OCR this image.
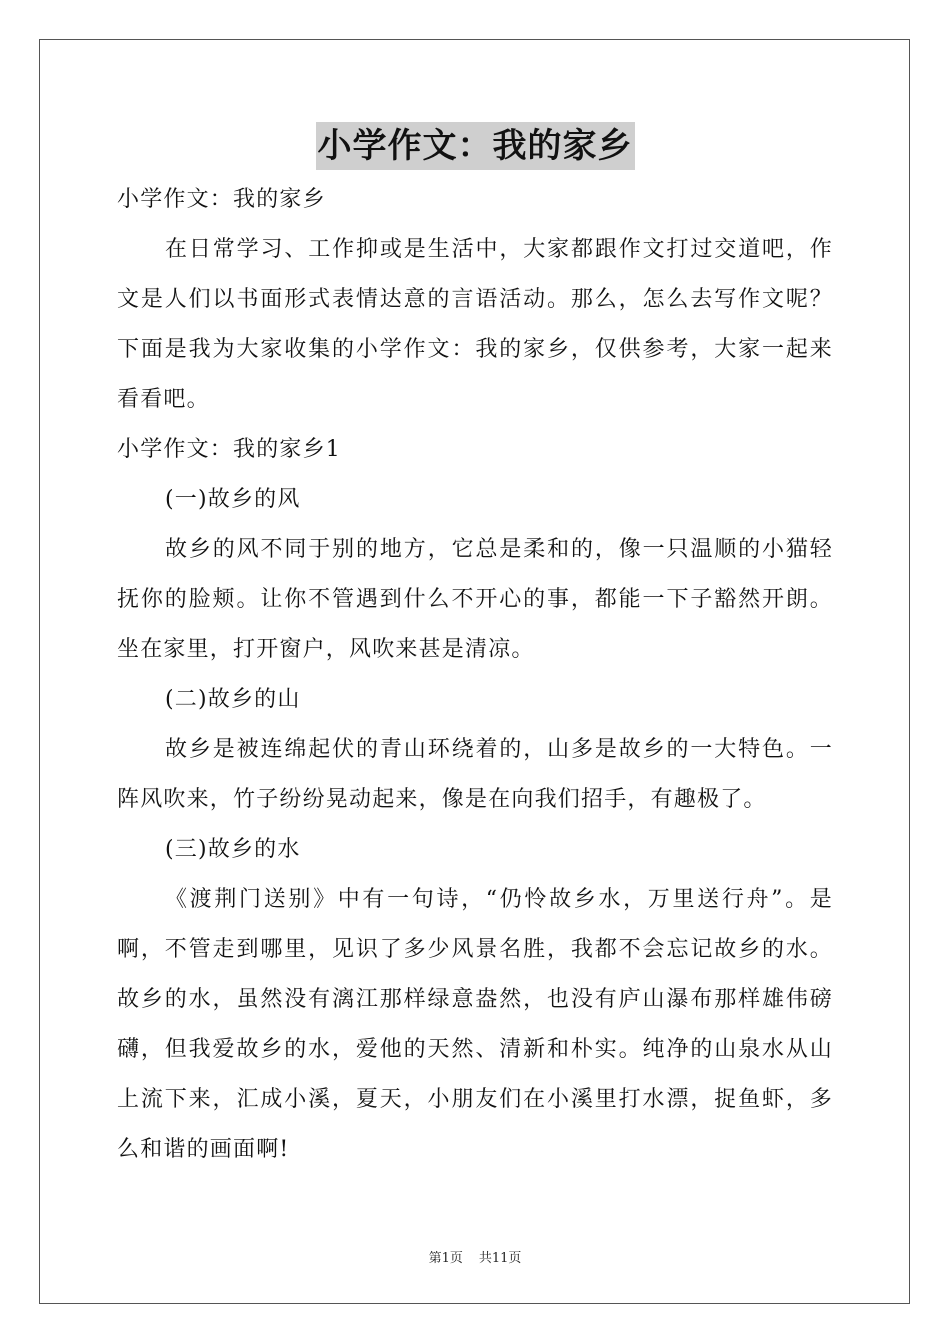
小学作文：我的家乡

小学作文：我的家乡

在日常学习、工作抑或是生活中，大家都跟作文打过交道吧，作文是人们以书面形式表情达意的言语活动。那么，怎么去写作文呢？下面是我为大家收集的小学作文：我的家乡，仅供参考，大家一起来看看吧。

小学作文：我的家乡1

(一)故乡的风

故乡的风不同于别的地方，它总是柔和的，像一只温顺的小猫轻抚你的脸颊。让你不管遇到什么不开心的事，都能一下子豁然开朗。坐在家里，打开窗户，风吹来甚是清凉。

(二)故乡的山

故乡是被连绵起伏的青山环绕着的，山多是故乡的一大特色。一阵风吹来，竹子纷纷晃动起来，像是在向我们招手，有趣极了。

(三)故乡的水

《渡荆门送别》中有一句诗，“仍怜故乡水，万里送行舟”。是啊，不管走到哪里，见识了多少风景名胜，我都不会忘记故乡的水。故乡的水，虽然没有漓江那样绿意盎然，也没有庐山瀑布那样雄伟磅礴，但我爱故乡的水，爱他的天然、清新和朴实。纯净的山泉水从山上流下来，汇成小溪，夏天，小朋友们在小溪里打水漂，捉鱼虾，多么和谐的画面啊!

第1页 共11页
